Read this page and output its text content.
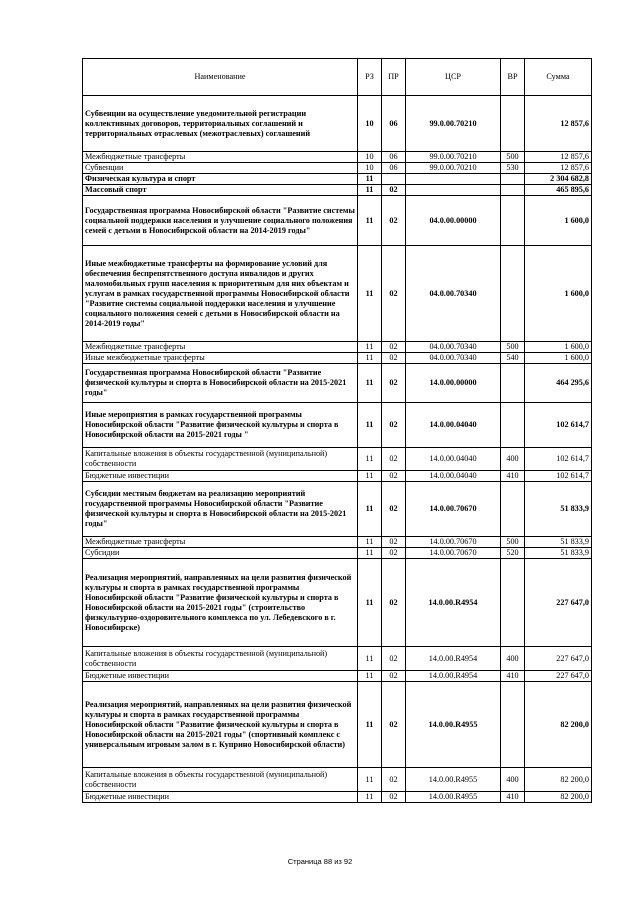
Наименование	РЗ	ПР	ЦСР	ВР	Сумма
Субвенции на осуществление уведомительной регистрации коллективных договоров, территориальных соглашений и территориальных отраслевых (межотраслевых) соглашений	10	06	99.0.00.70210		12 857,6
Межбюджетные трансферты	10	06	99.0.00.70210	500	12 857,6
Субвенции	10	06	99.0.00.70210	530	12 857,6
Физическая культура и спорт	11				2 304 682,8
Массовый спорт	11	02			465 895,6
Государственная программа Новосибирской области "Развитие системы социальной поддержки населения и улучшение социального положения семей с детьми в Новосибирской области на 2014-2019 годы"	11	02	04.0.00.00000		1 600,0
Иные межбюджетные трансферты на формирование условий для обеспечения беспрепятственного доступа инвалидов и других маломобильных групп населения к приоритетным для них объектам и услугам в рамках государственной программы Новосибирской области "Развитие системы социальной поддержки населения и улучшение социального положения семей с детьми в Новосибирской области на 2014-2019 годы"	11	02	04.0.00.70340		1 600,0
Межбюджетные трансферты	11	02	04.0.00.70340	500	1 600,0
Иные межбюджетные трансферты	11	02	04.0.00.70340	540	1 600,0
Государственная программа Новосибирской области "Развитие физической культуры и спорта в Новосибирской области на 2015-2021 годы"	11	02	14.0.00.00000		464 295,6
Иные мероприятия в рамках государственной программы Новосибирской области "Развитие физической культуры и спорта в Новосибирской области на 2015-2021 годы "	11	02	14.0.00.04040		102 614,7
Капитальные вложения в объекты государственной (муниципальной) собственности	11	02	14.0.00.04040	400	102 614,7
Бюджетные инвестиции	11	02	14.0.00.04040	410	102 614,7
Субсидии местным бюджетам на реализацию мероприятий государственной программы Новосибирской области "Развитие физической культуры и спорта в Новосибирской области на 2015-2021 годы"	11	02	14.0.00.70670		51 833,9
Межбюджетные трансферты	11	02	14.0.00.70670	500	51 833,9
Субсидии	11	02	14.0.00.70670	520	51 833,9
Реализация мероприятий, направленных на цели развития физической культуры и спорта в рамках государственной программы Новосибирской области "Развитие физической культуры и спорта в Новосибирской области на 2015-2021 годы" (строительство физкультурно-оздоровительного комплекса по ул. Лебедевского в г. Новосибирске)	11	02	14.0.00.R4954		227 647,0
Капитальные вложения в объекты государственной (муниципальной) собственности	11	02	14.0.00.R4954	400	227 647,0
Бюджетные инвестиции	11	02	14.0.00.R4954	410	227 647,0
Реализация мероприятий, направленных на цели развития физической культуры и спорта в рамках государственной программы Новосибирской области "Развитие физической культуры и спорта в Новосибирской области на 2015-2021 годы" (спортивный комплекс с универсальным игровым залом в г. Куприно Новосибирской области)	11	02	14.0.00.R4955		82 200,0
Капитальные вложения в объекты государственной (муниципальной) собственности	11	02	14.0.00.R4955	400	82 200,0
Бюджетные инвестиции	11	02	14.0.00.R4955	410	82 200,0
Страница 88 из 92
